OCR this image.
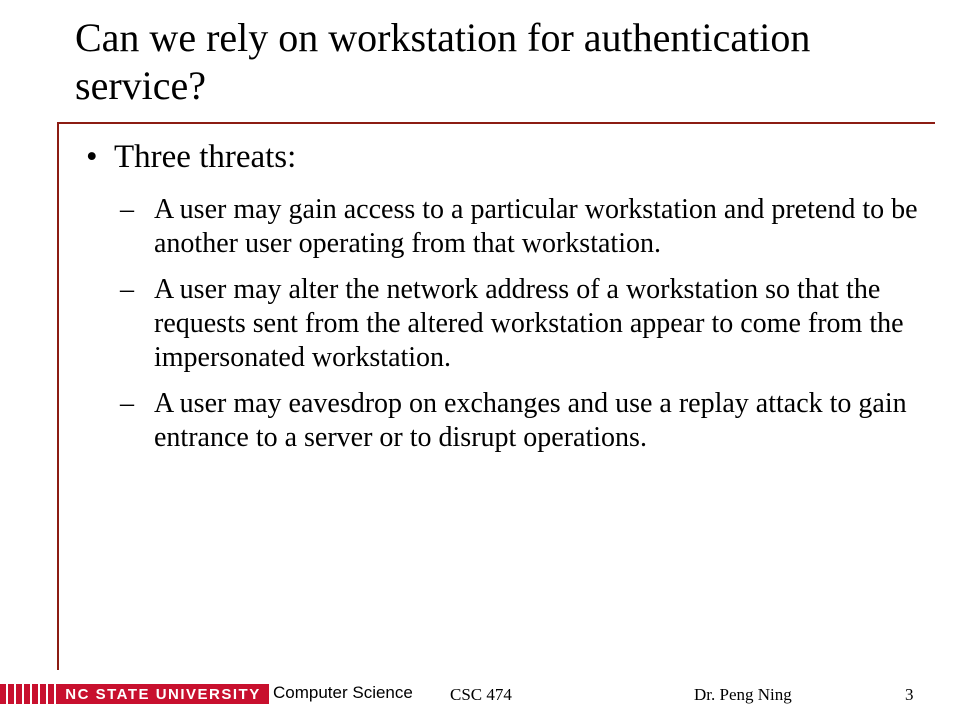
Can we rely on workstation for authentication service?
• Three threats:
– A user may gain access to a particular workstation and pretend to be another user operating from that workstation.
– A user may alter the network address of a workstation so that the requests sent from the altered workstation appear to come from the impersonated workstation.
– A user may eavesdrop on exchanges and use a replay attack to gain entrance to a server or to disrupt operations.
NC STATE UNIVERSITY Computer Science CSC 474	Dr. Peng Ning	3
